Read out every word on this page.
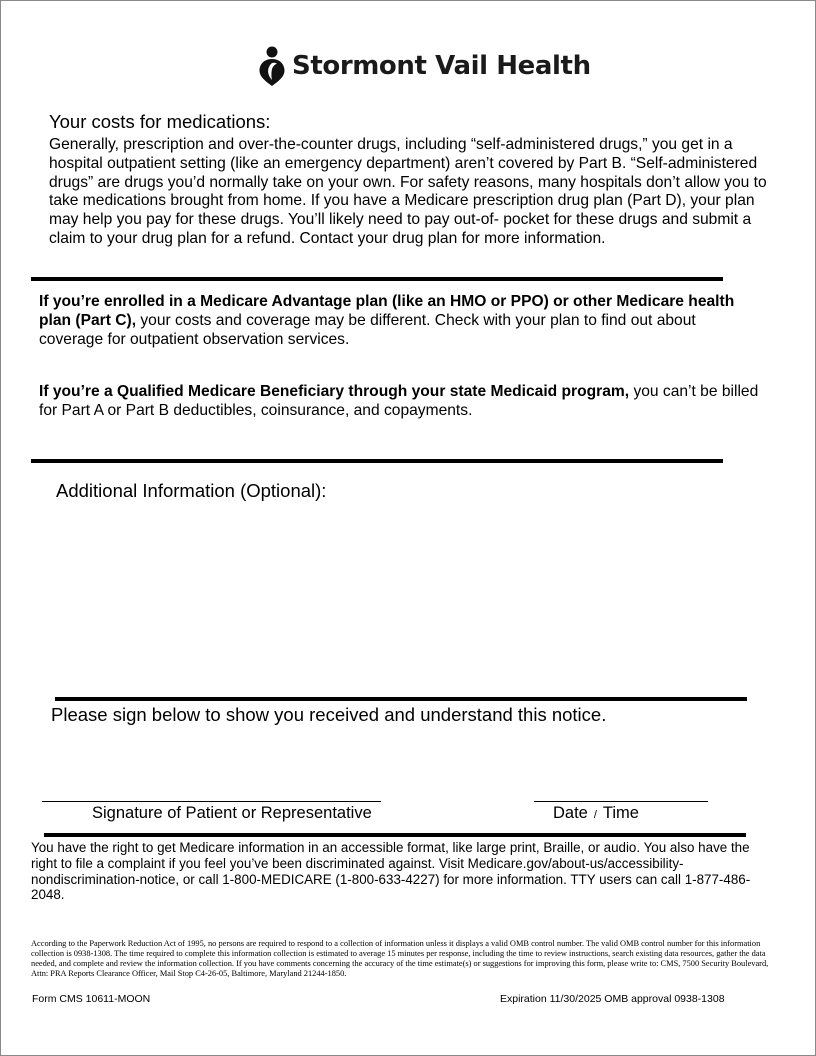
Stormont Vail Health
Your costs for medications:
Generally, prescription and over-the-counter drugs, including “self-administered drugs,” you get in a hospital outpatient setting (like an emergency department) aren’t covered by Part B. “Self-administered drugs” are drugs you’d normally take on your own. For safety reasons, many hospitals don’t allow you to take medications brought from home. If you have a Medicare prescription drug plan (Part D), your plan may help you pay for these drugs. You’ll likely need to pay out-of- pocket for these drugs and submit a claim to your drug plan for a refund. Contact your drug plan for more information.
If you’re enrolled in a Medicare Advantage plan (like an HMO or PPO) or other Medicare health plan (Part C), your costs and coverage may be different. Check with your plan to find out about coverage for outpatient observation services.
If you’re a Qualified Medicare Beneficiary through your state Medicaid program, you can’t be billed for Part A or Part B deductibles, coinsurance, and copayments.
Additional Information (Optional):
Please sign below to show you received and understand this notice.
Signature of Patient or Representative	Date / Time
You have the right to get Medicare information in an accessible format, like large print, Braille, or audio. You also have the right to file a complaint if you feel you’ve been discriminated against. Visit Medicare.gov/about-us/accessibility-nondiscrimination-notice, or call 1-800-MEDICARE (1-800-633-4227) for more information. TTY users can call 1-877-486-2048.
According to the Paperwork Reduction Act of 1995, no persons are required to respond to a collection of information unless it displays a valid OMB control number. The valid OMB control number for this information collection is 0938-1308. The time required to complete this information collection is estimated to average 15 minutes per response, including the time to review instructions, search existing data resources, gather the data needed, and complete and review the information collection. If you have comments concerning the accuracy of the time estimate(s) or suggestions for improving this form, please write to: CMS, 7500 Security Boulevard, Attn: PRA Reports Clearance Officer, Mail Stop C4-26-05, Baltimore, Maryland 21244-1850.
Form CMS 10611-MOON	Expiration 11/30/2025 OMB approval 0938-1308
